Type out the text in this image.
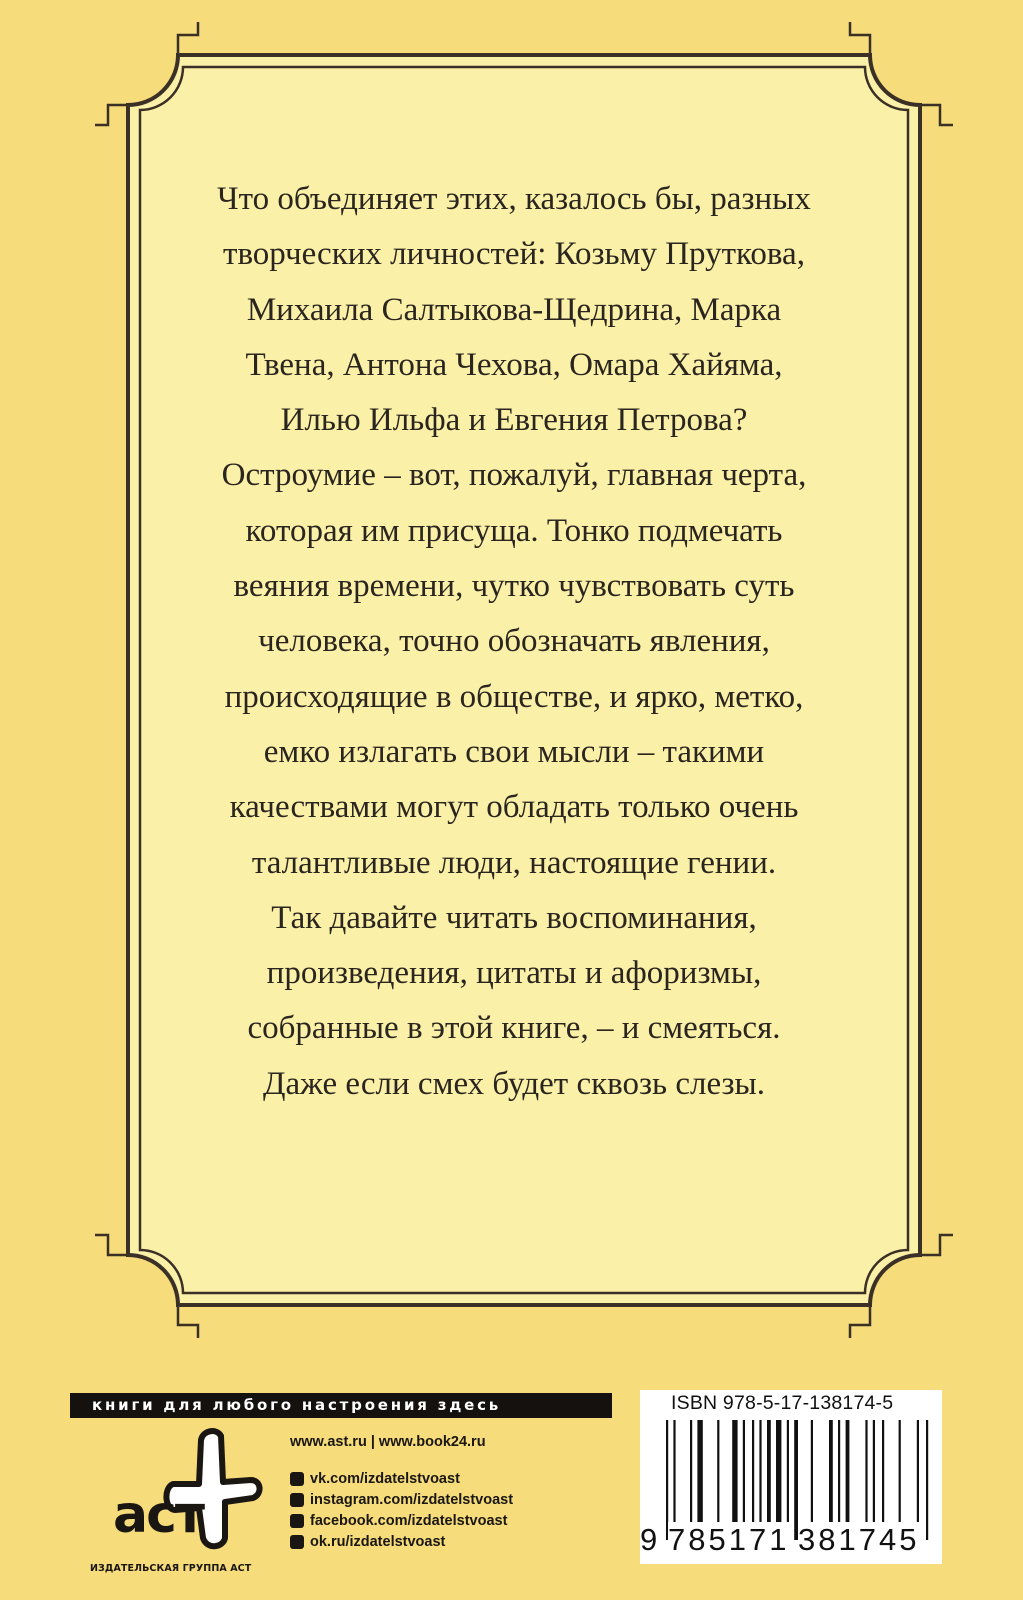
Что объединяет этих, казалось бы, разных
творческих личностей: Козьму Пруткова,
Михаила Салтыкова-Щедрина, Марка
Твена, Антона Чехова, Омара Хайяма,
Илью Ильфа и Евгения Петрова?
Остроумие – вот, пожалуй, главная черта,
которая им присуща. Тонко подмечать
веяния времени, чутко чувствовать суть
человека, точно обозначать явления,
происходящие в обществе, и ярко, метко,
емко излагать свои мысли – такими
качествами могут обладать только очень
талантливые люди, настоящие гении.
Так давайте читать воспоминания,
произведения, цитаты и афоризмы,
собранные в этой книге, – и смеяться.
Даже если смех будет сквозь слезы.
книги для любого настроения здесь
аст
ИЗДАТЕЛЬСКАЯ ГРУППА АСТ
www.ast.ru | www.book24.ru
vk.com/izdatelstvoast
instagram.com/izdatelstvoast
facebook.com/izdatelstvoast
ok.ru/izdatelstvoast
ISBN 978-5-17-138174-5
9 785171 381745
